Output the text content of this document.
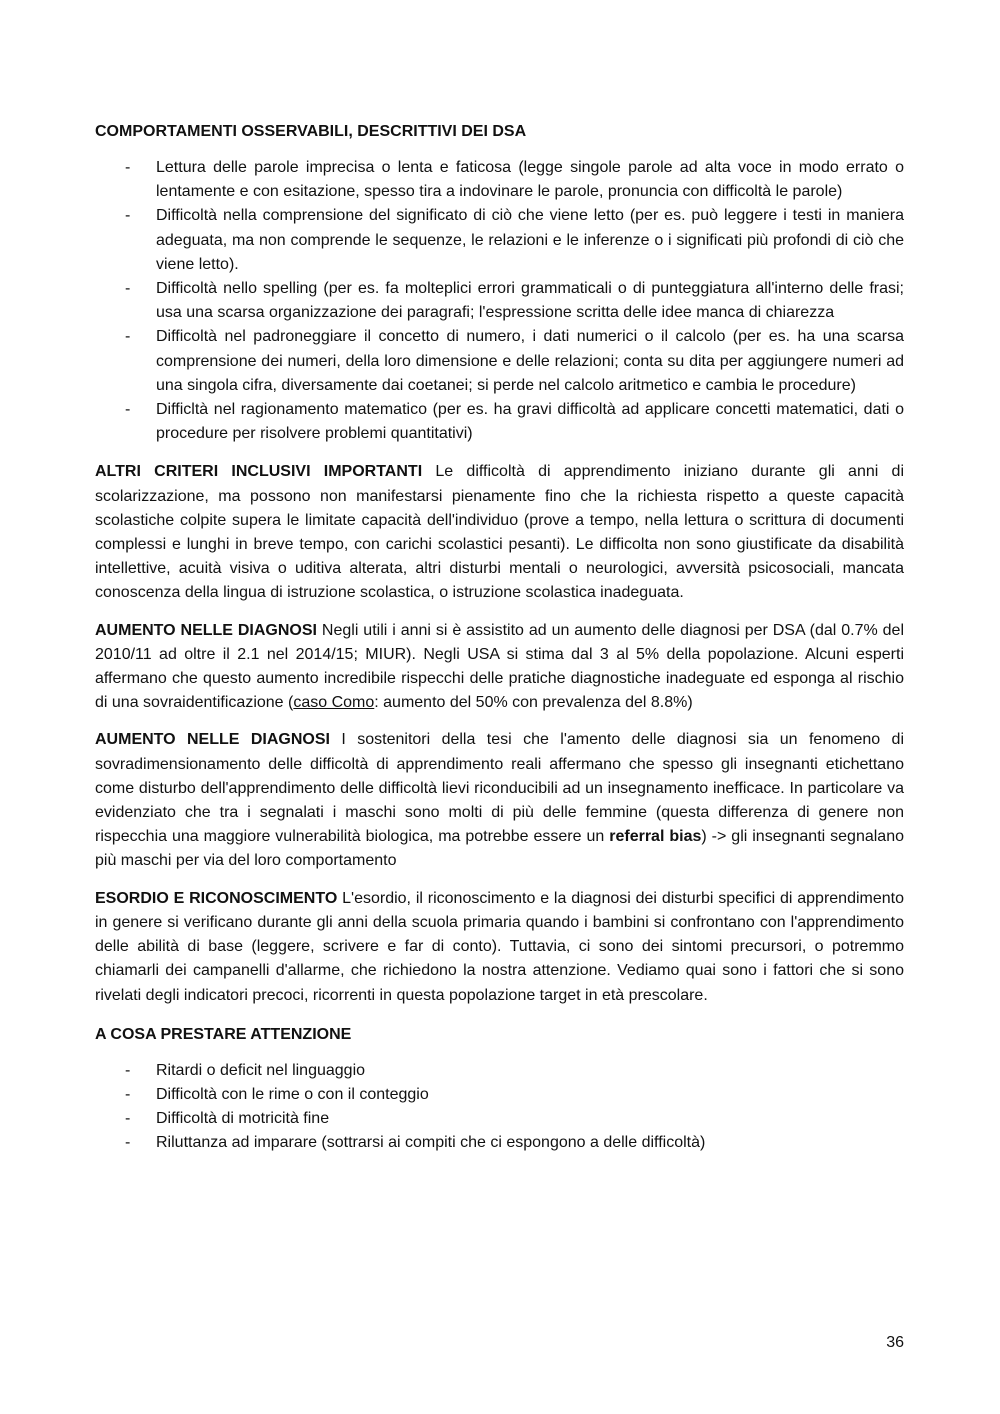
COMPORTAMENTI OSSERVABILI, DESCRITTIVI DEI DSA

- Lettura delle parole imprecisa o lenta e faticosa (legge singole parole ad alta voce in modo errato o lentamente e con esitazione, spesso tira a indovinare le parole, pronuncia con difficoltà le parole)
- Difficoltà nella comprensione del significato di ciò che viene letto (per es. può leggere i testi in maniera adeguata, ma non comprende le sequenze, le relazioni e le inferenze o i significati più profondi di ciò che viene letto).
- Difficoltà nello spelling (per es. fa molteplici errori grammaticali o di punteggiatura all'interno delle frasi; usa una scarsa organizzazione dei paragrafi; l'espressione scritta delle idee manca di chiarezza
- Difficoltà nel padroneggiare il concetto di numero, i dati numerici o il calcolo (per es. ha una scarsa comprensione dei numeri, della loro dimensione e delle relazioni; conta su dita per aggiungere numeri ad una singola cifra, diversamente dai coetanei; si perde nel calcolo aritmetico e cambia le procedure)
- Difficltà nel ragionamento matematico (per es. ha gravi difficoltà ad applicare concetti matematici, dati o procedure per risolvere problemi quantitativi)

ALTRI CRITERI INCLUSIVI IMPORTANTI Le difficoltà di apprendimento iniziano durante gli anni di scolarizzazione, ma possono non manifestarsi pienamente fino che la richiesta rispetto a queste capacità scolastiche colpite supera le limitate capacità dell'individuo (prove a tempo, nella lettura o scrittura di documenti complessi e lunghi in breve tempo, con carichi scolastici pesanti). Le difficolta non sono giustificate da disabilità intellettive, acuità visiva o uditiva alterata, altri disturbi mentali o neurologici, avversità psicosociali, mancata conoscenza della lingua di istruzione scolastica, o istruzione scolastica inadeguata.

AUMENTO NELLE DIAGNOSI Negli utili i anni si è assistito ad un aumento delle diagnosi per DSA (dal 0.7% del 2010/11 ad oltre il 2.1 nel 2014/15; MIUR). Negli USA si stima dal 3 al 5% della popolazione. Alcuni esperti affermano che questo aumento incredibile rispecchi delle pratiche diagnostiche inadeguate ed esponga al rischio di una sovraidentificazione (caso Como: aumento del 50% con prevalenza del 8.8%)

AUMENTO NELLE DIAGNOSI I sostenitori della tesi che l'amento delle diagnosi sia un fenomeno di sovradimensionamento delle difficoltà di apprendimento reali affermano che spesso gli insegnanti etichettano come disturbo dell'apprendimento delle difficoltà lievi riconducibili ad un insegnamento inefficace. In particolare va evidenziato che tra i segnalati i maschi sono molti di più delle femmine (questa differenza di genere non rispecchia una maggiore vulnerabilità biologica, ma potrebbe essere un referral bias) -> gli insegnanti segnalano più maschi per via del loro comportamento

ESORDIO E RICONOSCIMENTO L'esordio, il riconoscimento e la diagnosi dei disturbi specifici di apprendimento in genere si verificano durante gli anni della scuola primaria quando i bambini si confrontano con l'apprendimento delle abilità di base (leggere, scrivere e far di conto). Tuttavia, ci sono dei sintomi precursori, o potremmo chiamarli dei campanelli d'allarme, che richiedono la nostra attenzione. Vediamo quai sono i fattori che si sono rivelati degli indicatori precoci, ricorrenti in questa popolazione target in età prescolare.

A COSA PRESTARE ATTENZIONE

- Ritardi o deficit nel linguaggio
- Difficoltà con le rime o con il conteggio
- Difficoltà di motricità fine
- Riluttanza ad imparare (sottrarsi ai compiti che ci espongono a delle difficoltà)
36
